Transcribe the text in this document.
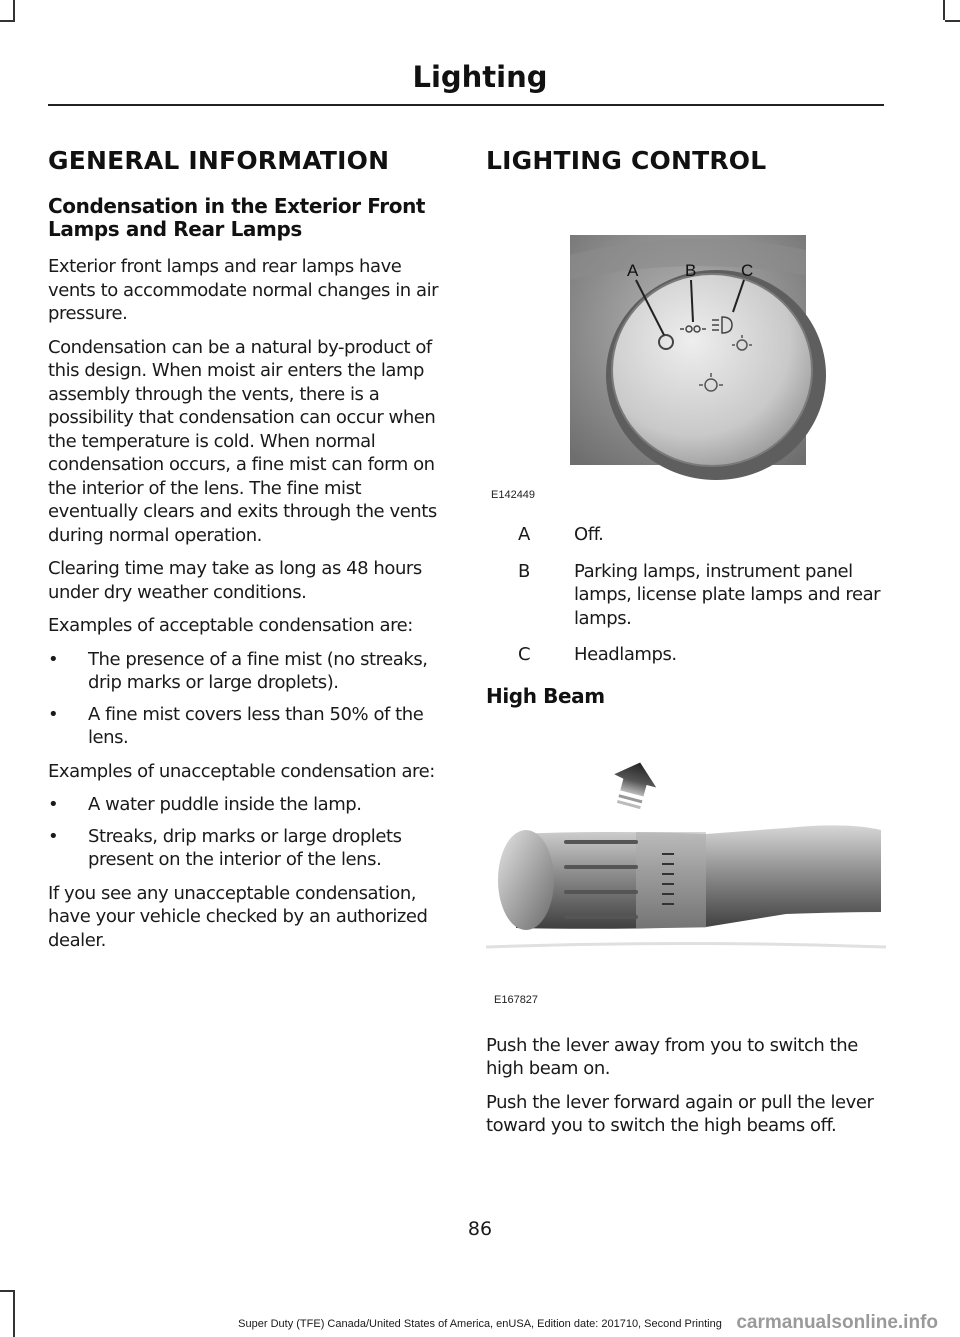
Lighting
GENERAL INFORMATION
Condensation in the Exterior Front Lamps and Rear Lamps

Exterior front lamps and rear lamps have vents to accommodate normal changes in air pressure.

Condensation can be a natural by-product of this design. When moist air enters the lamp assembly through the vents, there is a possibility that condensation can occur when the temperature is cold. When normal condensation occurs, a fine mist can form on the interior of the lens. The fine mist eventually clears and exits through the vents during normal operation.

Clearing time may take as long as 48 hours under dry weather conditions.

Examples of acceptable condensation are:

• The presence of a fine mist (no streaks, drip marks or large droplets).
• A fine mist covers less than 50% of the lens.

Examples of unacceptable condensation are:

• A water puddle inside the lamp.
• Streaks, drip marks or large droplets present on the interior of the lens.

If you see any unacceptable condensation, have your vehicle checked by an authorized dealer.

LIGHTING CONTROL
A	B	C
E142449
A	Off.
B	Parking lamps, instrument panel lamps, license plate lamps and rear lamps.
C	Headlamps.
High Beam
E167827

Push the lever away from you to switch the high beam on.

Push the lever forward again or pull the lever toward you to switch the high beams off.

86
Super Duty (TFE) Canada/United States of America, enUSA, Edition date: 201710, Second Printing carmanualsonline.info
